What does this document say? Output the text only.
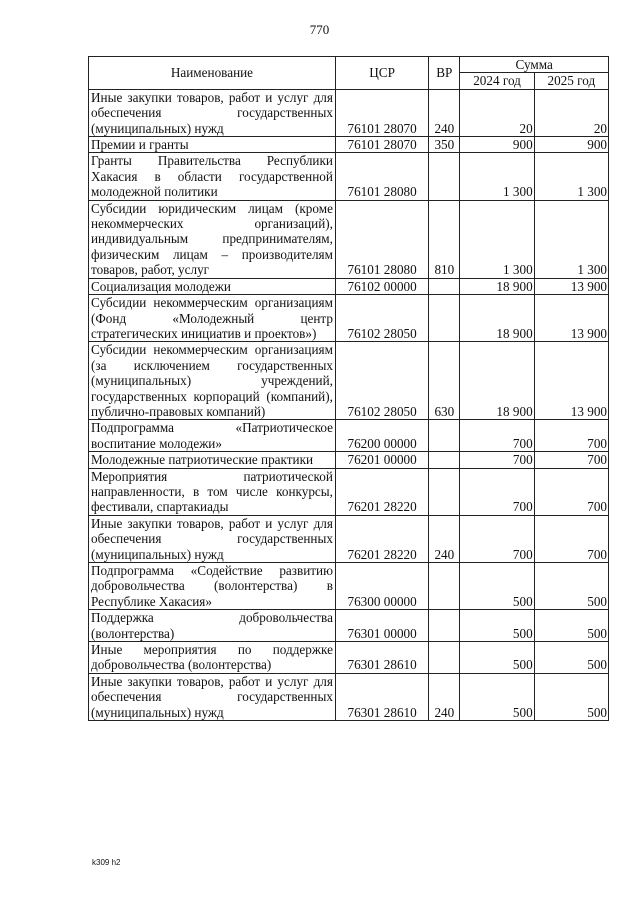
770
Наименование	ЦСР	ВР	Сумма	
			2024 год	2025 год
Иные закупки товаров, работ и услуг для обеспечения государственных (муниципальных) нужд	76101 28070	240	20	20
Премии и гранты	76101 28070	350	900	900
Гранты Правительства Республики Хакасия в области государственной молодежной политики	76101 28080		1 300	1 300
Субсидии юридическим лицам (кроме некоммерческих организаций), индивидуальным предпринимателям, физическим лицам – производителям товаров, работ, услуг	76101 28080	810	1 300	1 300
Социализация молодежи	76102 00000		18 900	13 900
Субсидии некоммерческим организациям (Фонд «Молодежный центр стратегических инициатив и проектов»)	76102 28050		18 900	13 900
Субсидии некоммерческим организациям (за исключением государственных (муниципальных) учреждений, государственных корпораций (компаний), публично-правовых компаний)	76102 28050	630	18 900	13 900
Подпрограмма «Патриотическое воспитание молодежи»	76200 00000		700	700
Молодежные патриотические практики	76201 00000		700	700
Мероприятия патриотической направленности, в том числе конкурсы, фестивали, спартакиады	76201 28220		700	700
Иные закупки товаров, работ и услуг для обеспечения государственных (муниципальных) нужд	76201 28220	240	700	700
Подпрограмма «Содействие развитию добровольчества (волонтерства) в Республике Хакасия»	76300 00000		500	500
Поддержка добровольчества (волонтерства)	76301 00000		500	500
Иные мероприятия по поддержке добровольчества (волонтерства)	76301 28610		500	500
Иные закупки товаров, работ и услуг для обеспечения государственных (муниципальных) нужд	76301 28610	240	500	500
k309 h2
